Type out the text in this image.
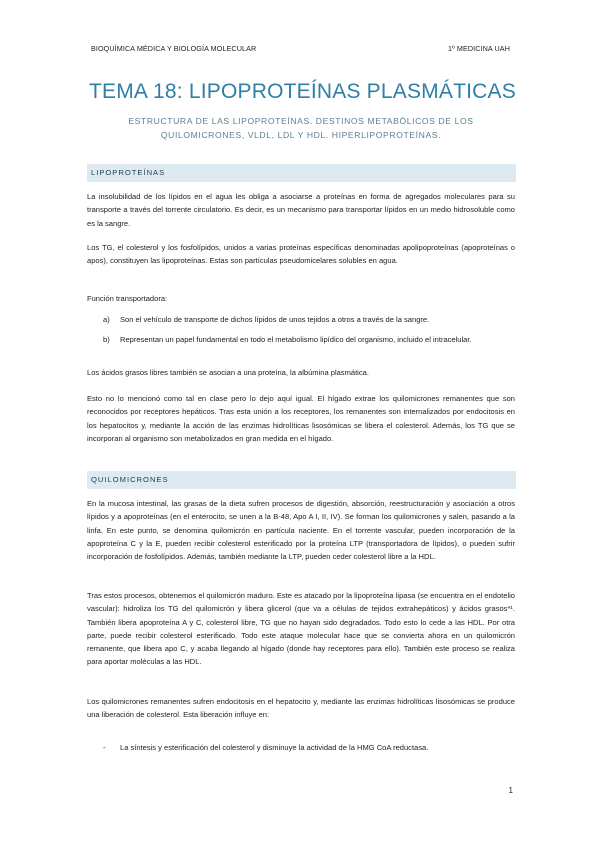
BIOQUÍMICA MÉDICA Y BIOLOGÍA MOLECULAR	1º MEDICINA UAH
TEMA 18: LIPOPROTEÍNAS PLASMÁTICAS
ESTRUCTURA DE LAS LIPOPROTEÍNAS. DESTINOS METABÓLICOS DE LOS QUILOMICRONES, VLDL, LDL Y HDL. HIPERLIPOPROTEÍNAS.
LIPOPROTEÍNAS
La insolubilidad de los lípidos en el agua les obliga a asociarse a proteínas en forma de agregados moleculares para su transporte a través del torrente circulatorio. Es decir, es un mecanismo para transportar lípidos en un medio hidrosoluble como es la sangre.
Los TG, el colesterol y los fosfolípidos, unidos a varias proteínas específicas denominadas apolipoproteínas (apoproteínas o apos), constituyen las lipoproteínas. Estas son partículas pseudomicelares solubles en agua.
Función transportadora:
a) Son el vehículo de transporte de dichos lípidos de unos tejidos a otros a través de la sangre.
b) Representan un papel fundamental en todo el metabolismo lipídico del organismo, incluido el intracelular.
Los ácidos grasos libres también se asocian a una proteína, la albúmina plasmática.
Esto no lo mencionó como tal en clase pero lo dejo aquí igual. El hígado extrae los quilomicrones remanentes que son reconocidos por receptores hepáticos. Tras esta unión a los receptores, los remanentes son internalizados por endocitosis en los hepatocitos y, mediante la acción de las enzimas hidrolíticas lisosómicas se libera el colesterol. Además, los TG que se incorporan al organismo son metabolizados en gran medida en el hígado.
QUILOMICRONES
En la mucosa intestinal, las grasas de la dieta sufren procesos de digestión, absorción, reestructuración y asociación a otros lípidos y a apoproteínas (en el enterocito, se unen a la B-48, Apo A I, II, IV). Se forman los quilomicrones y salen, pasando a la linfa. En este punto, se denomina quilomicrón en partícula naciente. En el torrente vascular, pueden incorporación de la apoproteína C y la E, pueden recibir colesterol esterificado por la proteína LTP (transportadora de lípidos), o pueden sufrir incorporación de fosfolípidos. Además, también mediante la LTP, pueden ceder colesterol libre a la HDL.
Tras estos procesos, obtenemos el quilomicrón maduro. Este es atacado por la lipoproteína lipasa (se encuentra en el endotelio vascular): hidroliza los TG del quilomicrón y libera glicerol (que va a células de tejidos extrahepáticos) y ácidos grasos*¹. También libera apoproteína A y C, colesterol libre, TG que no hayan sido degradados. Todo esto lo cede a las HDL. Por otra parte, puede recibir colesterol esterificado. Todo este ataque molecular hace que se convierta ahora en un quilomicrón remanente, que libera apo C, y acaba llegando al hígado (donde hay receptores para ello). También este proceso se realiza para aportar moléculas a las HDL.
Los quilomicrones remanentes sufren endocitosis en el hepatocito y, mediante las enzimas hidrolíticas lisosómicas se produce una liberación de colesterol. Esta liberación influye en:
- La síntesis y esterificación del colesterol y disminuye la actividad de la HMG CoA reductasa.
1
